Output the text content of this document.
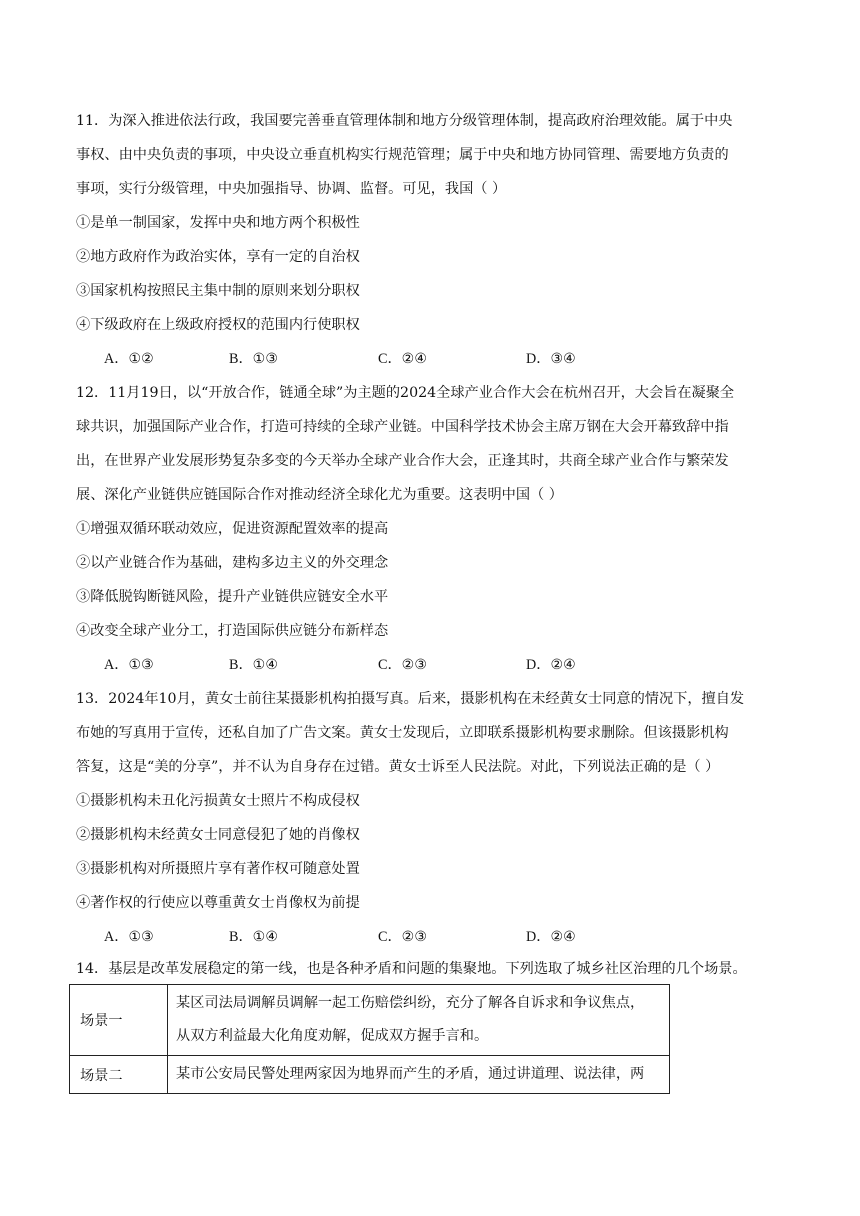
11．为深入推进依法行政，我国要完善垂直管理体制和地方分级管理体制，提高政府治理效能。属于中央
事权、由中央负责的事项，中央设立垂直机构实行规范管理；属于中央和地方协同管理、需要地方负责的
事项，实行分级管理，中央加强指导、协调、监督。可见，我国（ ）
①是单一制国家，发挥中央和地方两个积极性
②地方政府作为政治实体，享有一定的自治权
③国家机构按照民主集中制的原则来划分职权
④下级政府在上级政府授权的范围内行使职权
A．①②	B．①③	C．②④	D．③④
12．11月19日，以“开放合作，链通全球”为主题的2024全球产业合作大会在杭州召开，大会旨在凝聚全
球共识，加强国际产业合作，打造可持续的全球产业链。中国科学技术协会主席万钢在大会开幕致辞中指
出，在世界产业发展形势复杂多变的今天举办全球产业合作大会，正逢其时，共商全球产业合作与繁荣发
展、深化产业链供应链国际合作对推动经济全球化尤为重要。这表明中国（ ）
①增强双循环联动效应，促进资源配置效率的提高
②以产业链合作为基础，建构多边主义的外交理念
③降低脱钩断链风险，提升产业链供应链安全水平
④改变全球产业分工，打造国际供应链分布新样态
A．①③	B．①④	C．②③	D．②④
13．2024年10月，黄女士前往某摄影机构拍摄写真。后来，摄影机构在未经黄女士同意的情况下，擅自发
布她的写真用于宣传，还私自加了广告文案。黄女士发现后，立即联系摄影机构要求删除。但该摄影机构
答复，这是“美的分享”，并不认为自身存在过错。黄女士诉至人民法院。对此，下列说法正确的是（ ）
①摄影机构未丑化污损黄女士照片不构成侵权
②摄影机构未经黄女士同意侵犯了她的肖像权
③摄影机构对所摄照片享有著作权可随意处置
④著作权的行使应以尊重黄女士肖像权为前提
A．①③	B．①④	C．②③	D．②④
14．基层是改革发展稳定的第一线，也是各种矛盾和问题的集聚地。下列选取了城乡社区治理的几个场景。
场景一	某区司法局调解员调解一起工伤赔偿纠纷，充分了解各自诉求和争议焦点，
从双方利益最大化角度劝解，促成双方握手言和。

场景二	某市公安局民警处理两家因为地界而产生的矛盾，通过讲道理、说法律，两
